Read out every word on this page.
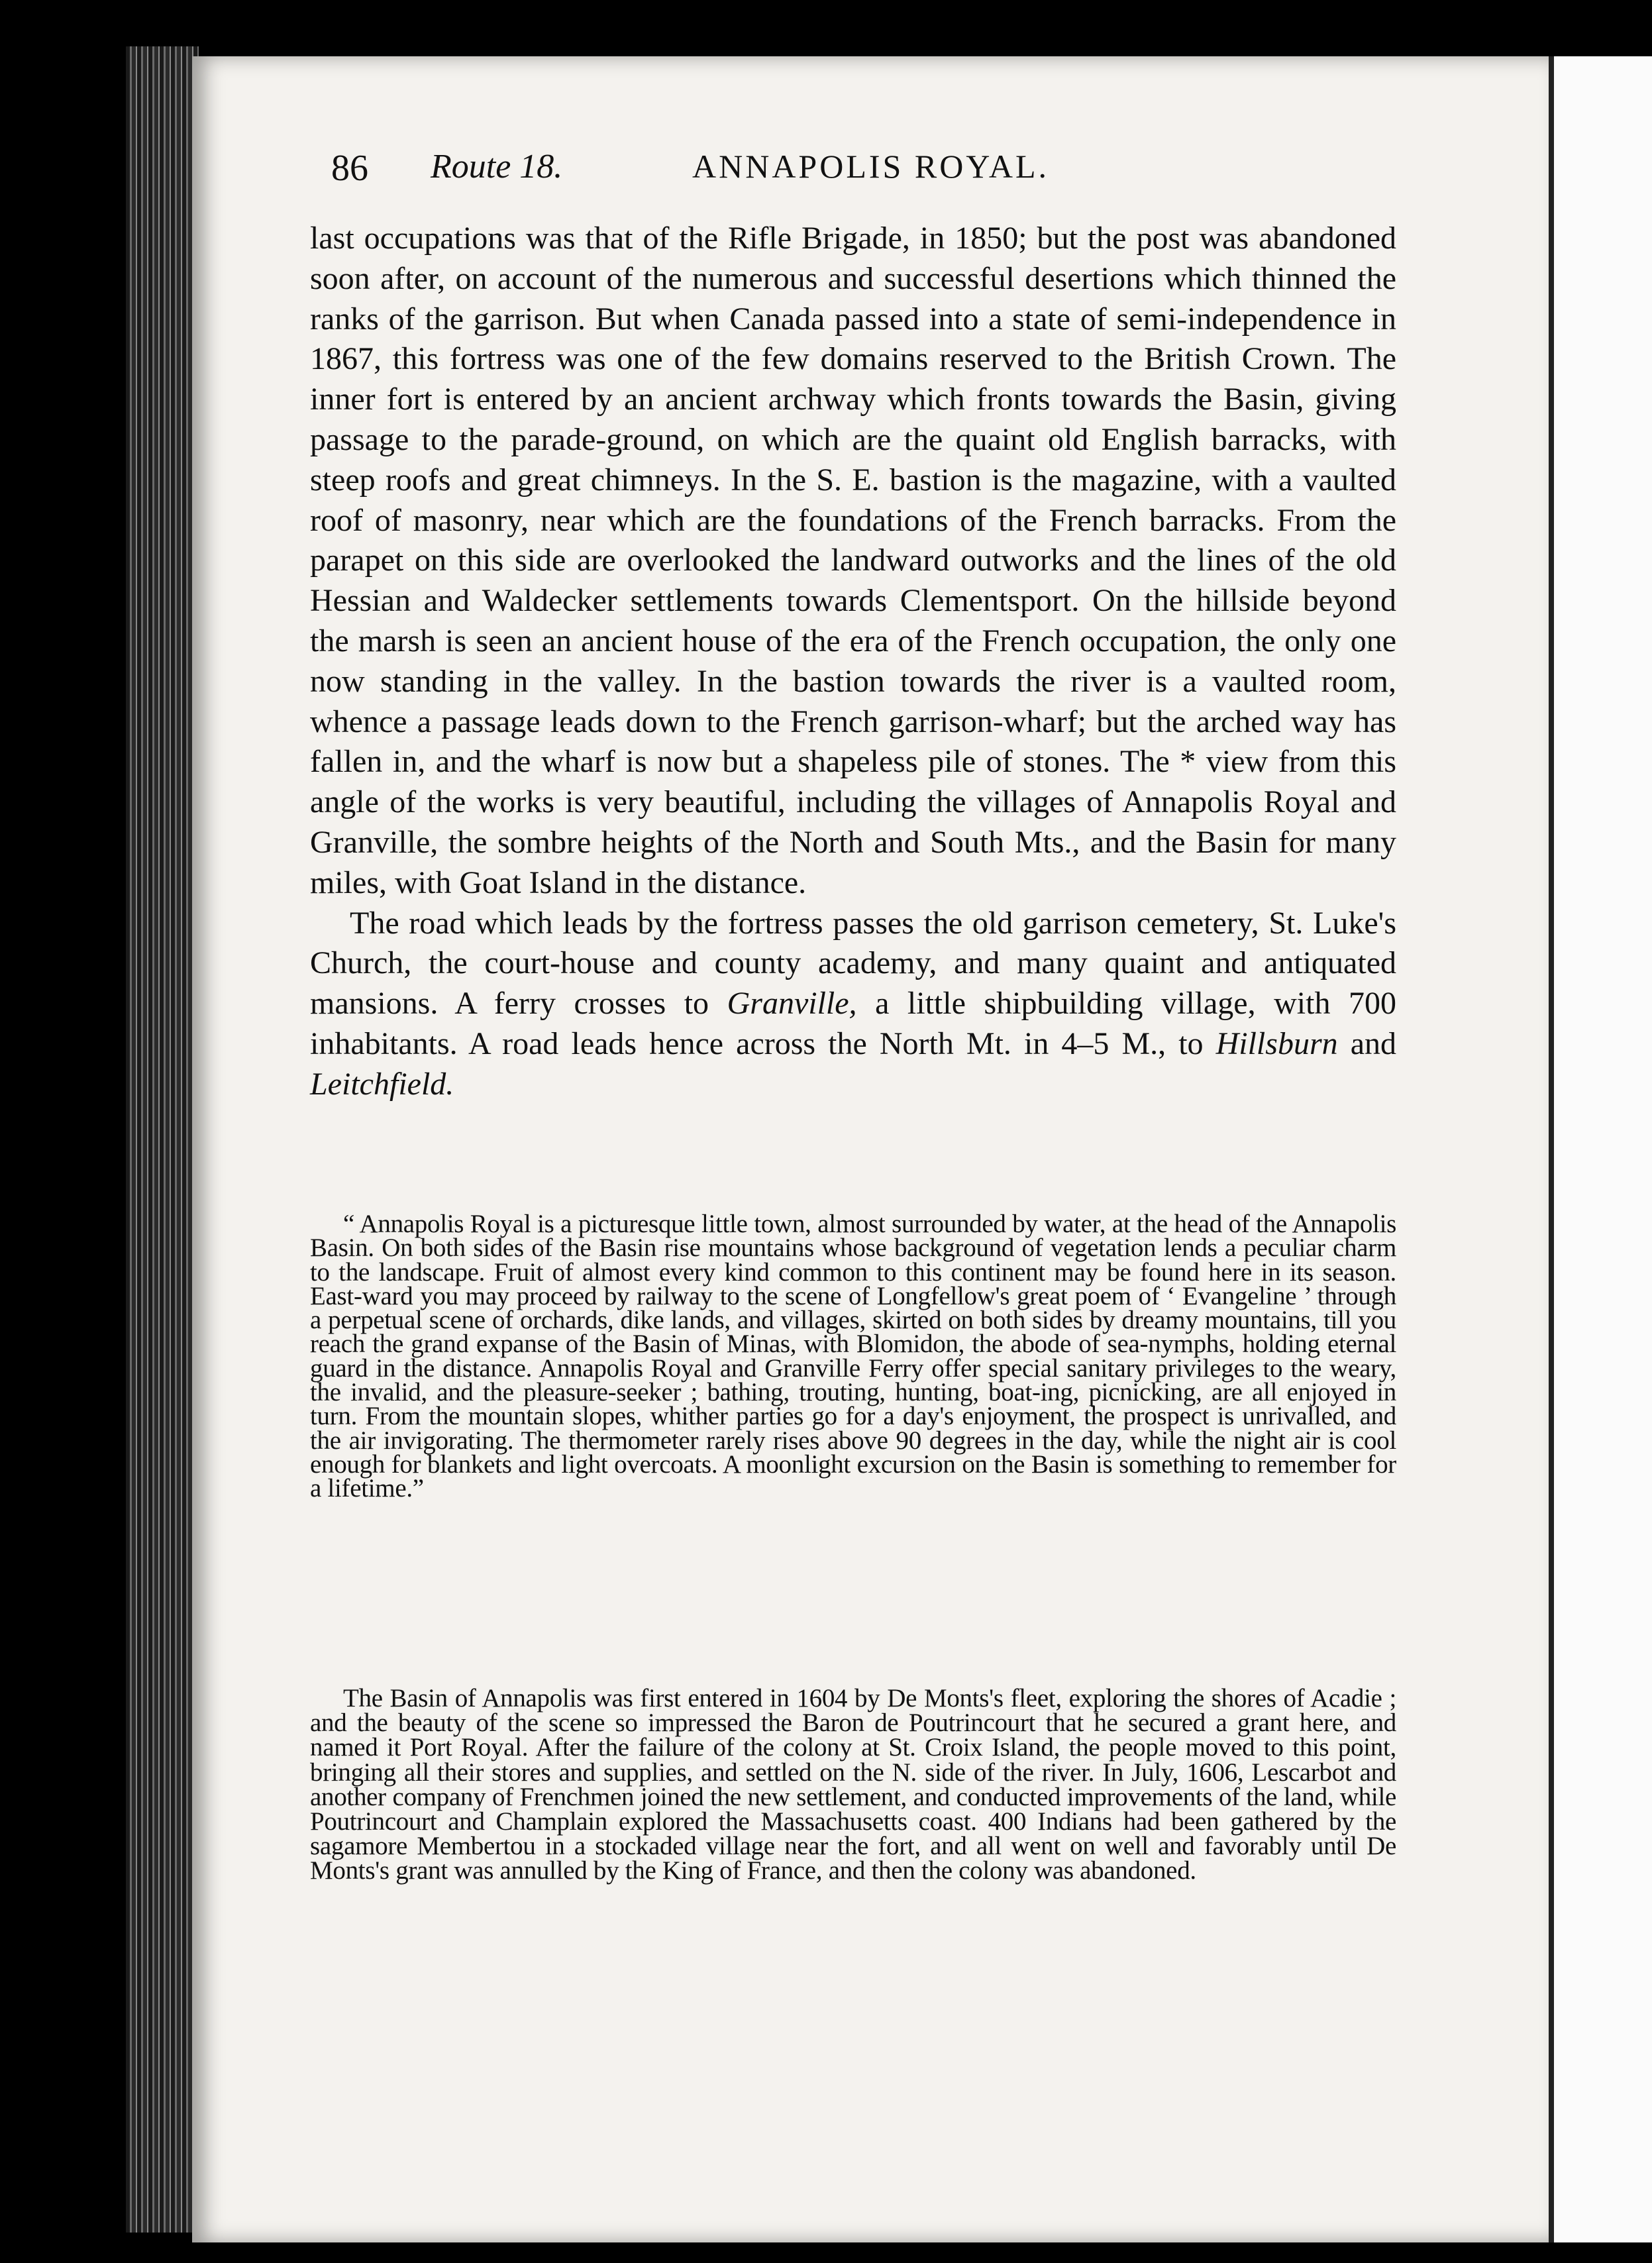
86 Route 18.	ANNAPOLIS ROYAL.

last occupations was that of the Rifle Brigade, in 1850; but the post was abandoned soon after, on account of the numerous and successful desertions which thinned the ranks of the garrison. But when Canada passed into a state of semi-independence in 1867, this fortress was one of the few domains reserved to the British Crown. The inner fort is entered by an ancient archway which fronts towards the Basin, giving passage to the parade-ground, on which are the quaint old English barracks, with steep roofs and great chimneys. In the S. E. bastion is the magazine, with a vaulted roof of masonry, near which are the foundations of the French barracks. From the parapet on this side are overlooked the landward outworks and the lines of the old Hessian and Waldecker settlements towards Clementsport. On the hillside beyond the marsh is seen an ancient house of the era of the French occupation, the only one now standing in the valley. In the bastion towards the river is a vaulted room, whence a passage leads down to the French garrison-wharf; but the arched way has fallen in, and the wharf is now but a shapeless pile of stones. The * view from this angle of the works is very beautiful, including the villages of Annapolis Royal and Granville, the sombre heights of the North and South Mts., and the Basin for many miles, with Goat Island in the distance.

The road which leads by the fortress passes the old garrison cemetery, St. Luke's Church, the court-house and county academy, and many quaint and antiquated mansions. A ferry crosses to Granville, a little shipbuilding village, with 700 inhabitants. A road leads hence across the North Mt. in 4–5 M., to Hillsburn and Leitchfield.

“ Annapolis Royal is a picturesque little town, almost surrounded by water, at the head of the Annapolis Basin. On both sides of the Basin rise mountains whose background of vegetation lends a peculiar charm to the landscape. Fruit of almost every kind common to this continent may be found here in its season. East-ward you may proceed by railway to the scene of Longfellow's great poem of ‘ Evangeline ’ through a perpetual scene of orchards, dike lands, and villages, skirted on both sides by dreamy mountains, till you reach the grand expanse of the Basin of Minas, with Blomidon, the abode of sea-nymphs, holding eternal guard in the distance. Annapolis Royal and Granville Ferry offer special sanitary privileges to the weary, the invalid, and the pleasure-seeker ; bathing, trouting, hunting, boat-ing, picnicking, are all enjoyed in turn. From the mountain slopes, whither parties go for a day's enjoyment, the prospect is unrivalled, and the air invigorating. The thermometer rarely rises above 90 degrees in the day, while the night air is cool enough for blankets and light overcoats. A moonlight excursion on the Basin is something to remember for a lifetime.”

The Basin of Annapolis was first entered in 1604 by De Monts's fleet, exploring the shores of Acadie ; and the beauty of the scene so impressed the Baron de Poutrincourt that he secured a grant here, and named it Port Royal. After the failure of the colony at St. Croix Island, the people moved to this point, bringing all their stores and supplies, and settled on the N. side of the river. In July, 1606, Lescarbot and another company of Frenchmen joined the new settlement, and conducted improvements of the land, while Poutrincourt and Champlain explored the Massachusetts coast. 400 Indians had been gathered by the sagamore Membertou in a stockaded village near the fort, and all went on well and favorably until De Monts's grant was annulled by the King of France, and then the colony was abandoned.
